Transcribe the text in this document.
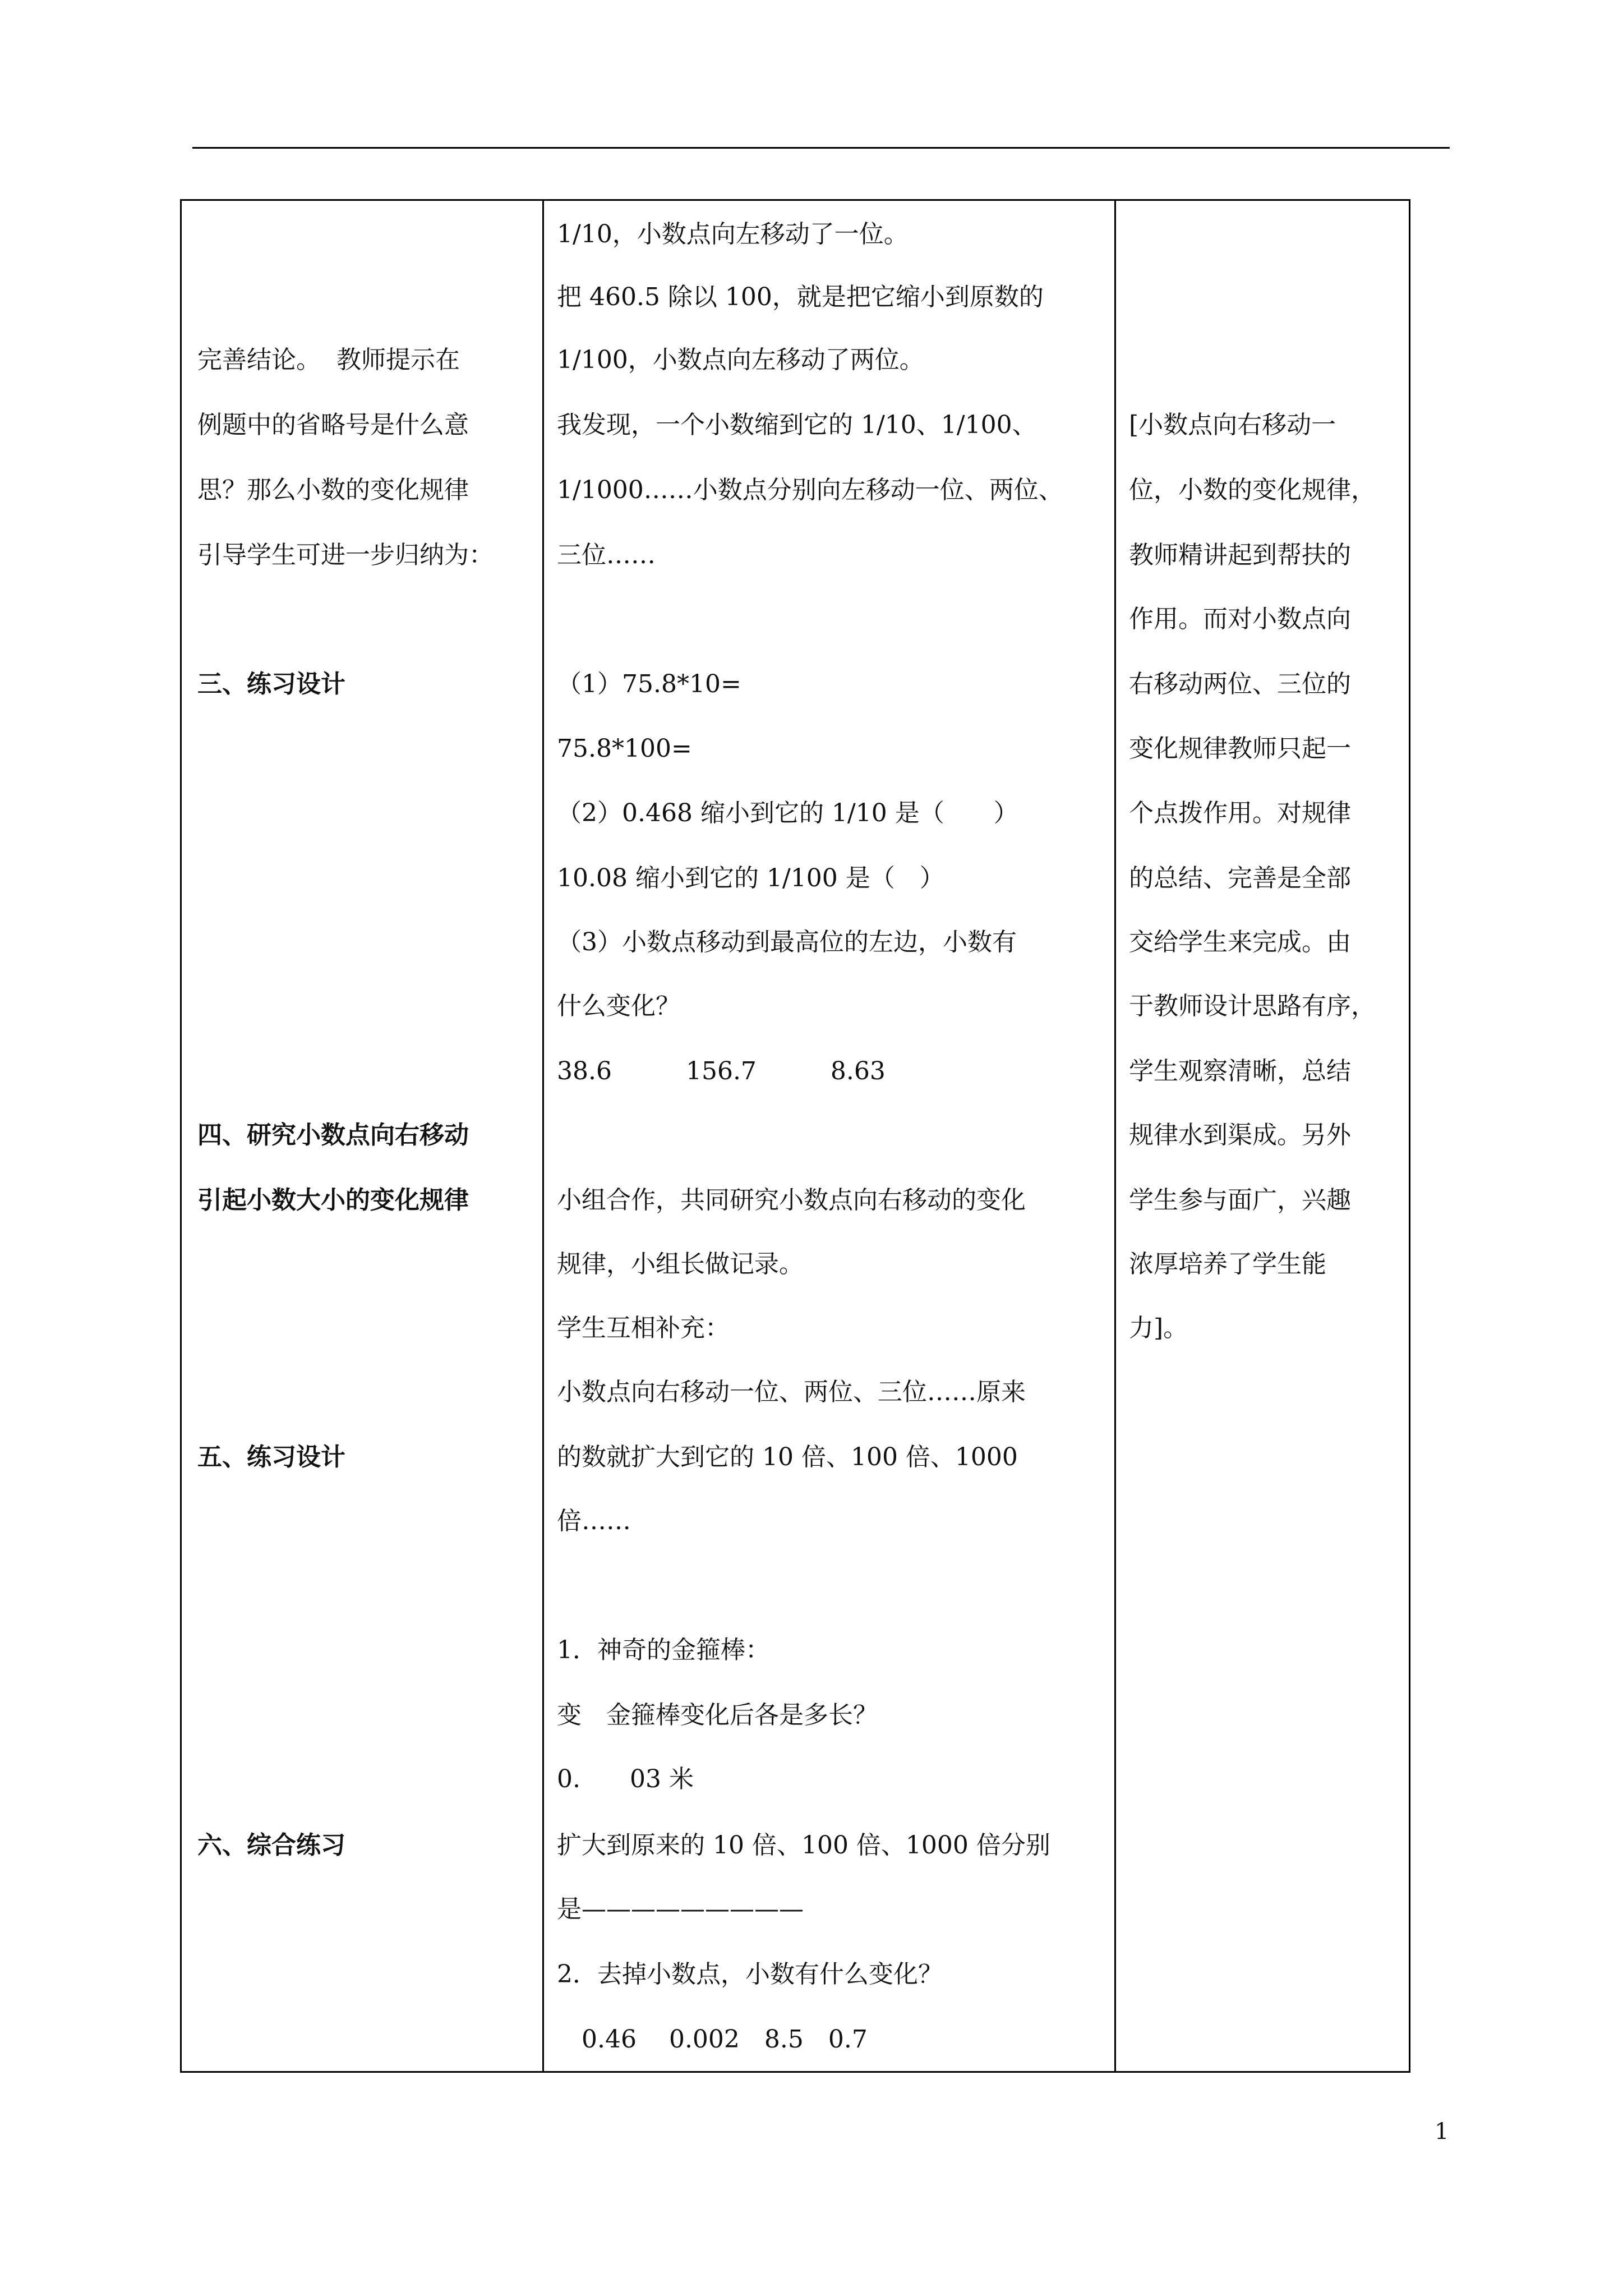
完善结论。  教师提示在
例题中的省略号是什么意
思？那么小数的变化规律
引导学生可进一步归纳为：
三、练习设计
四、研究小数点向右移动
引起小数大小的变化规律
五、练习设计
六、综合练习
1/10，小数点向左移动了一位。
把 460.5 除以 100，就是把它缩小到原数的
1/100，小数点向左移动了两位。
我发现，一个小数缩到它的 1/10、1/100、
1/1000……小数点分别向左移动一位、两位、
三位……
（1）75.8*10=
75.8*100=
（2）0.468 缩小到它的 1/10 是（　　）
10.08 缩小到它的 1/100 是（　）
（3）小数点移动到最高位的左边，小数有
什么变化？
38.6　　　156.7　　　8.63
小组合作，共同研究小数点向右移动的变化
规律，小组长做记录。
学生互相补充：
小数点向右移动一位、两位、三位……原来
的数就扩大到它的 10 倍、100 倍、1000
倍……
1．神奇的金箍棒：
变　金箍棒变化后各是多长？
0.　　03 米
扩大到原来的 10 倍、100 倍、1000 倍分别
是—————————
2．去掉小数点，小数有什么变化？
　0.46　 0.002　8.5　0.7
[小数点向右移动一
位，小数的变化规律，
教师精讲起到帮扶的
作用。而对小数点向
右移动两位、三位的
变化规律教师只起一
个点拨作用。对规律
的总结、完善是全部
交给学生来完成。由
于教师设计思路有序，
学生观察清晰，总结
规律水到渠成。另外
学生参与面广，兴趣
浓厚培养了学生能
力]。
1
